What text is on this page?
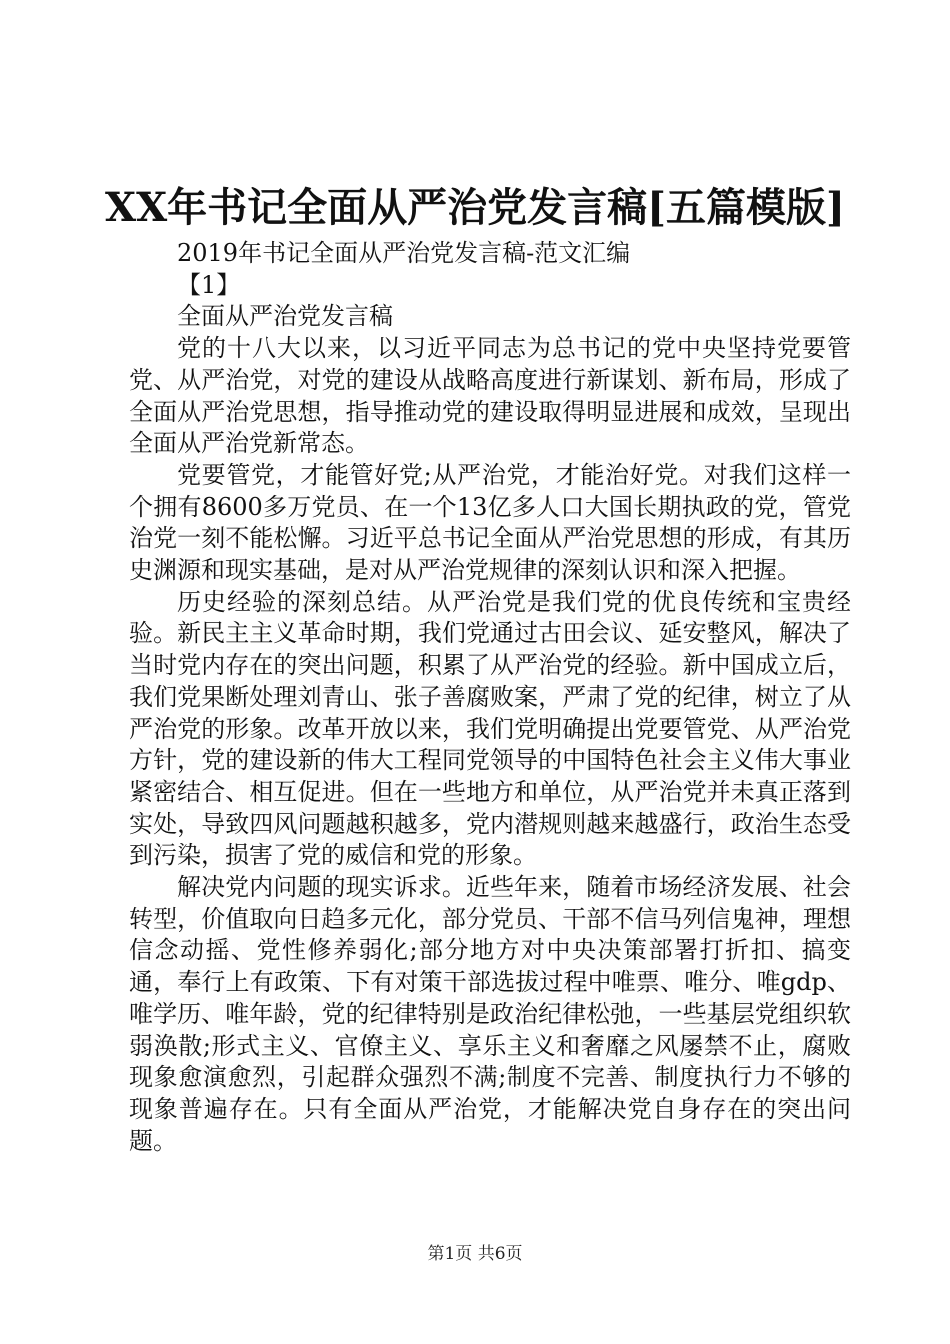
XX年书记全面从严治党发言稿[五篇模版]
2019年书记全面从严治党发言稿-范文汇编
【1】
全面从严治党发言稿

党的十八大以来，以习近平同志为总书记的党中央坚持党要管党、从严治党，对党的建设从战略高度进行新谋划、新布局，形成了全面从严治党思想，指导推动党的建设取得明显进展和成效，呈现出全面从严治党新常态。

党要管党，才能管好党;从严治党，才能治好党。对我们这样一个拥有8600多万党员、在一个13亿多人口大国长期执政的党，管党治党一刻不能松懈。习近平总书记全面从严治党思想的形成，有其历史渊源和现实基础，是对从严治党规律的深刻认识和深入把握。

历史经验的深刻总结。从严治党是我们党的优良传统和宝贵经验。新民主主义革命时期，我们党通过古田会议、延安整风，解决了当时党内存在的突出问题，积累了从严治党的经验。新中国成立后，我们党果断处理刘青山、张子善腐败案，严肃了党的纪律，树立了从严治党的形象。改革开放以来，我们党明确提出党要管党、从严治党方针，党的建设新的伟大工程同党领导的中国特色社会主义伟大事业紧密结合、相互促进。但在一些地方和单位，从严治党并未真正落到实处，导致四风问题越积越多，党内潜规则越来越盛行，政治生态受到污染，损害了党的威信和党的形象。

解决党内问题的现实诉求。近些年来，随着市场经济发展、社会转型，价值取向日趋多元化，部分党员、干部不信马列信鬼神，理想信念动摇、党性修养弱化;部分地方对中央决策部署打折扣、搞变通，奉行上有政策、下有对策干部选拔过程中唯票、唯分、唯gdp、唯学历、唯年龄，党的纪律特别是政治纪律松弛，一些基层党组织软弱涣散;形式主义、官僚主义、享乐主义和奢靡之风屡禁不止，腐败现象愈演愈烈，引起群众强烈不满;制度不完善、制度执行力不够的现象普遍存在。只有全面从严治党，才能解决党自身存在的突出问题。

第1页 共6页
